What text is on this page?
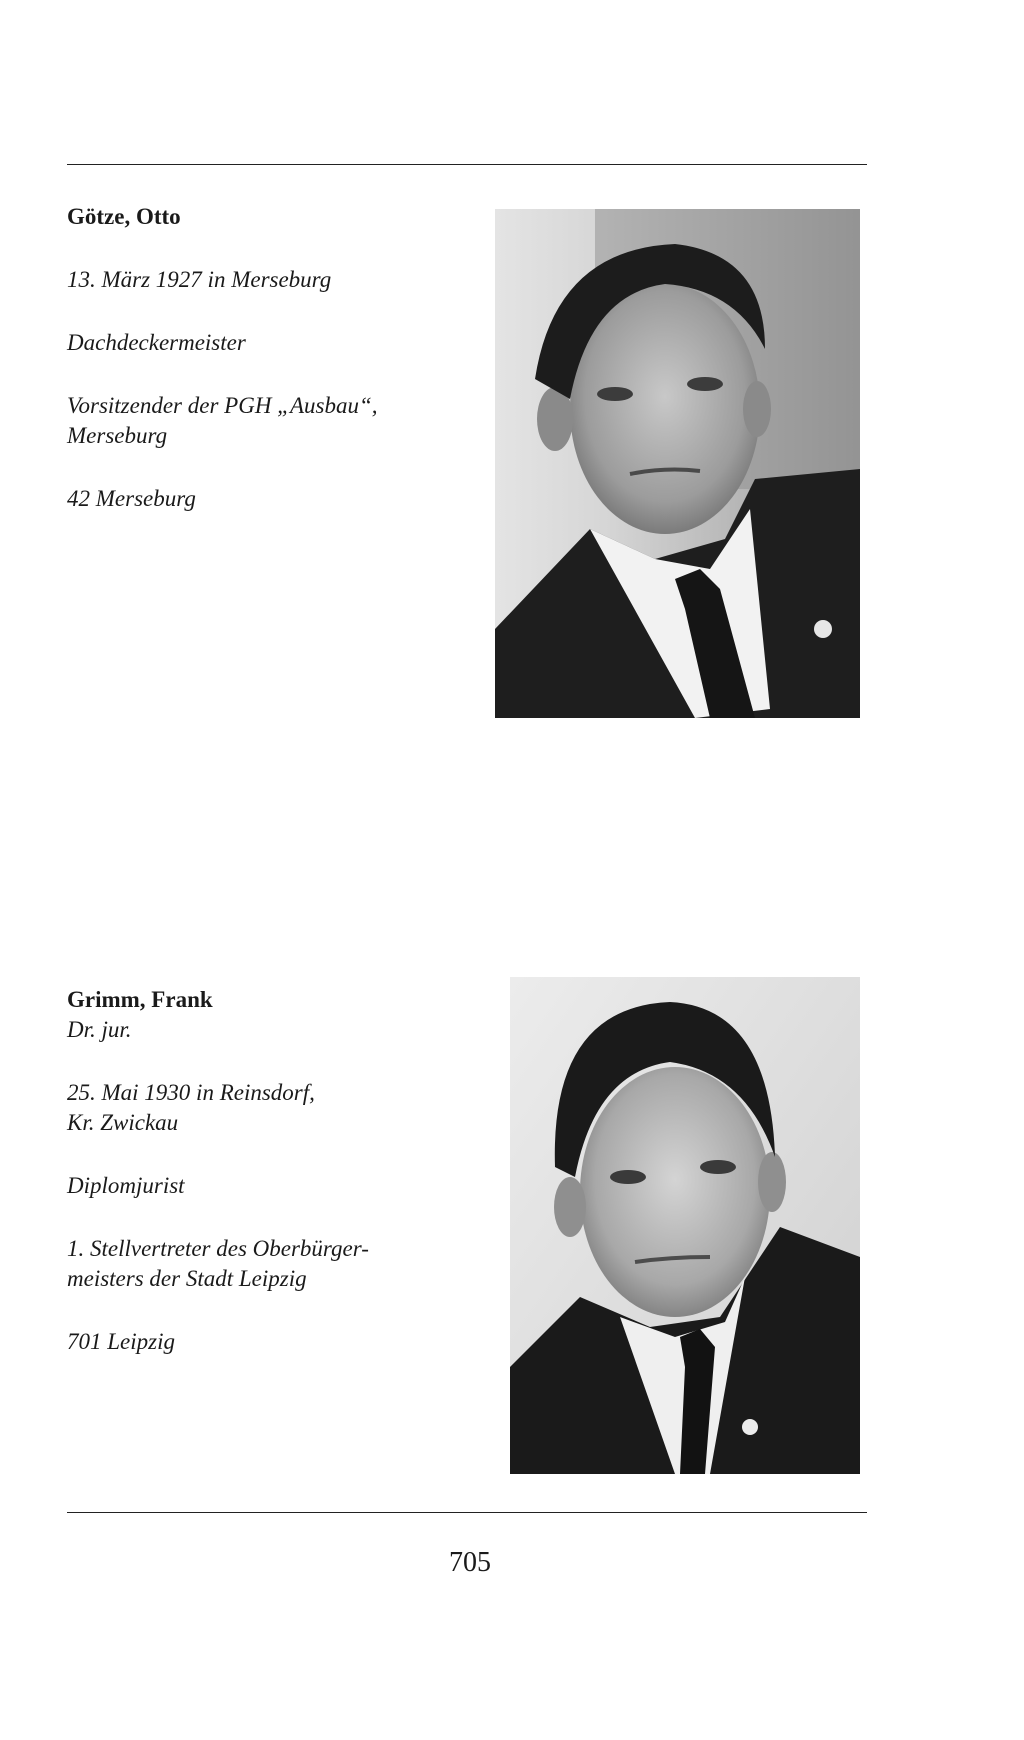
Götze, Otto

13. März 1927 in Merseburg

Dachdeckermeister

Vorsitzender der PGH „Ausbau“,

Merseburg

42 Merseburg

Grimm, Frank

Dr. jur.

25. Mai 1930 in Reinsdorf,

Kr. Zwickau

Diplomjurist

1. Stellvertreter des Oberbürger-

meisters der Stadt Leipzig

701 Leipzig

705
